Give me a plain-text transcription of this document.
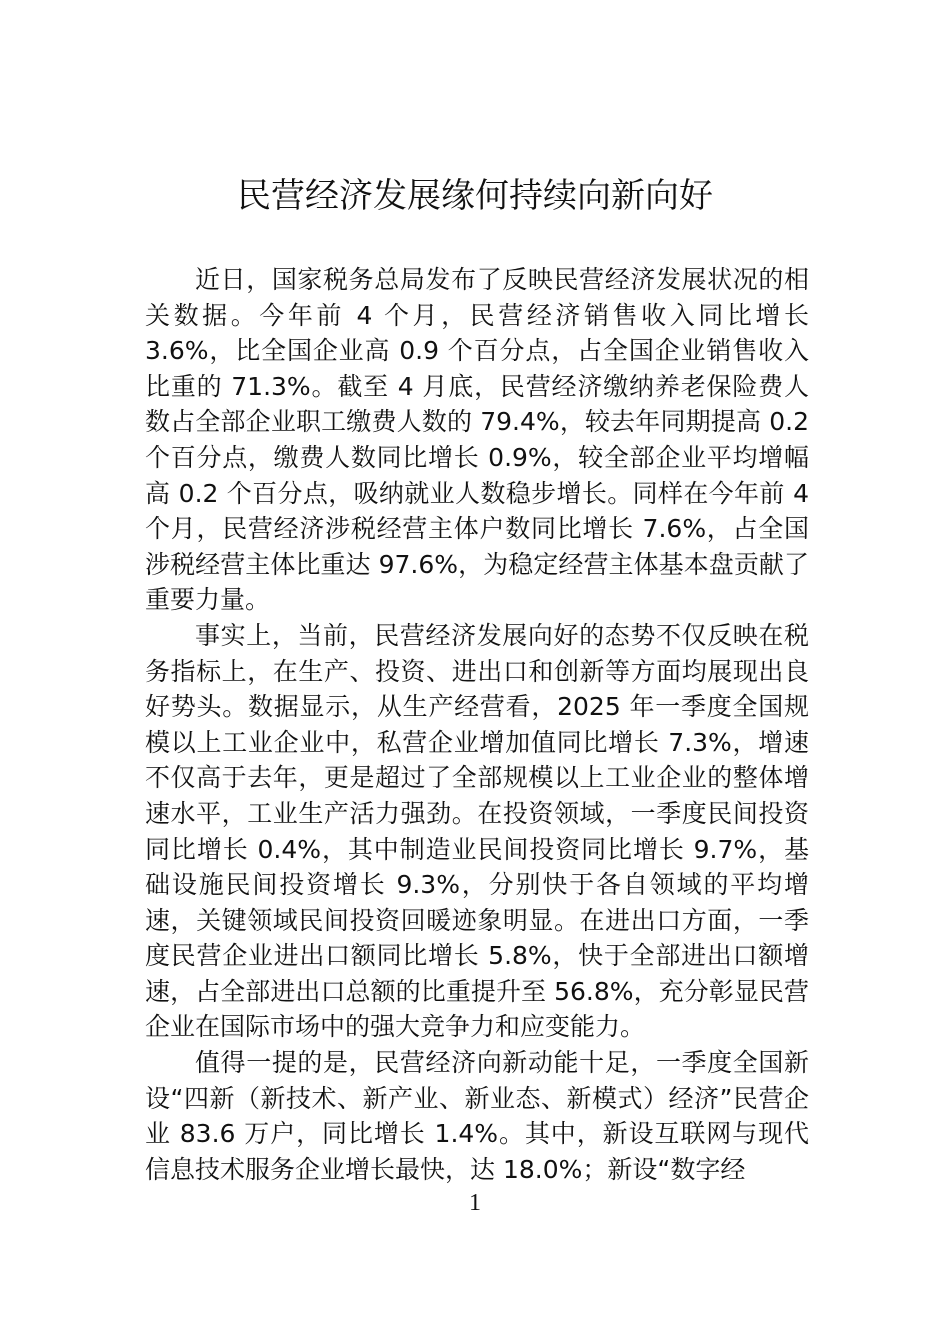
民营经济发展缘何持续向新向好

近日，国家税务总局发布了反映民营经济发展状况的相关数据。今年前 4 个月，民营经济销售收入同比增长 3.6%，比全国企业高 0.9 个百分点，占全国企业销售收入比重的 71.3%。截至 4 月底，民营经济缴纳养老保险费人数占全部企业职工缴费人数的 79.4%，较去年同期提高 0.2 个百分点，缴费人数同比增长 0.9%，较全部企业平均增幅高 0.2 个百分点，吸纳就业人数稳步增长。同样在今年前 4 个月，民营经济涉税经营主体户数同比增长 7.6%，占全国涉税经营主体比重达 97.6%，为稳定经营主体基本盘贡献了重要力量。

事实上，当前，民营经济发展向好的态势不仅反映在税务指标上，在生产、投资、进出口和创新等方面均展现出良好势头。数据显示，从生产经营看，2025 年一季度全国规模以上工业企业中，私营企业增加值同比增长 7.3%，增速不仅高于去年，更是超过了全部规模以上工业企业的整体增速水平，工业生产活力强劲。在投资领域，一季度民间投资同比增长 0.4%，其中制造业民间投资同比增长 9.7%，基础设施民间投资增长 9.3%，分别快于各自领域的平均增速，关键领域民间投资回暖迹象明显。在进出口方面，一季度民营企业进出口额同比增长 5.8%，快于全部进出口额增速，占全部进出口总额的比重提升至 56.8%，充分彰显民营企业在国际市场中的强大竞争力和应变能力。

值得一提的是，民营经济向新动能十足，一季度全国新设“四新（新技术、新产业、新业态、新模式）经济”民营企业 83.6 万户，同比增长 1.4%。其中，新设互联网与现代信息技术服务企业增长最快，达 18.0%；新设“数字经

1
